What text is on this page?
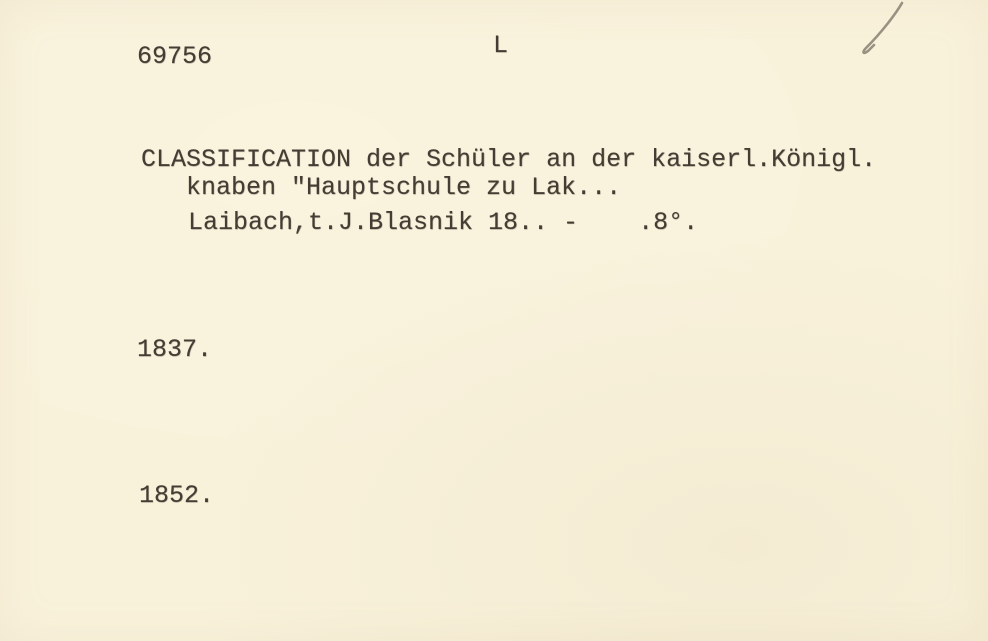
69756	L
CLASSIFICATION der Schüler an der kaiserl.Königl.
knaben "Hauptschule zu Lak...
Laibach,t.J.Blasnik 18.. -    .8°.
1837.
1852.
